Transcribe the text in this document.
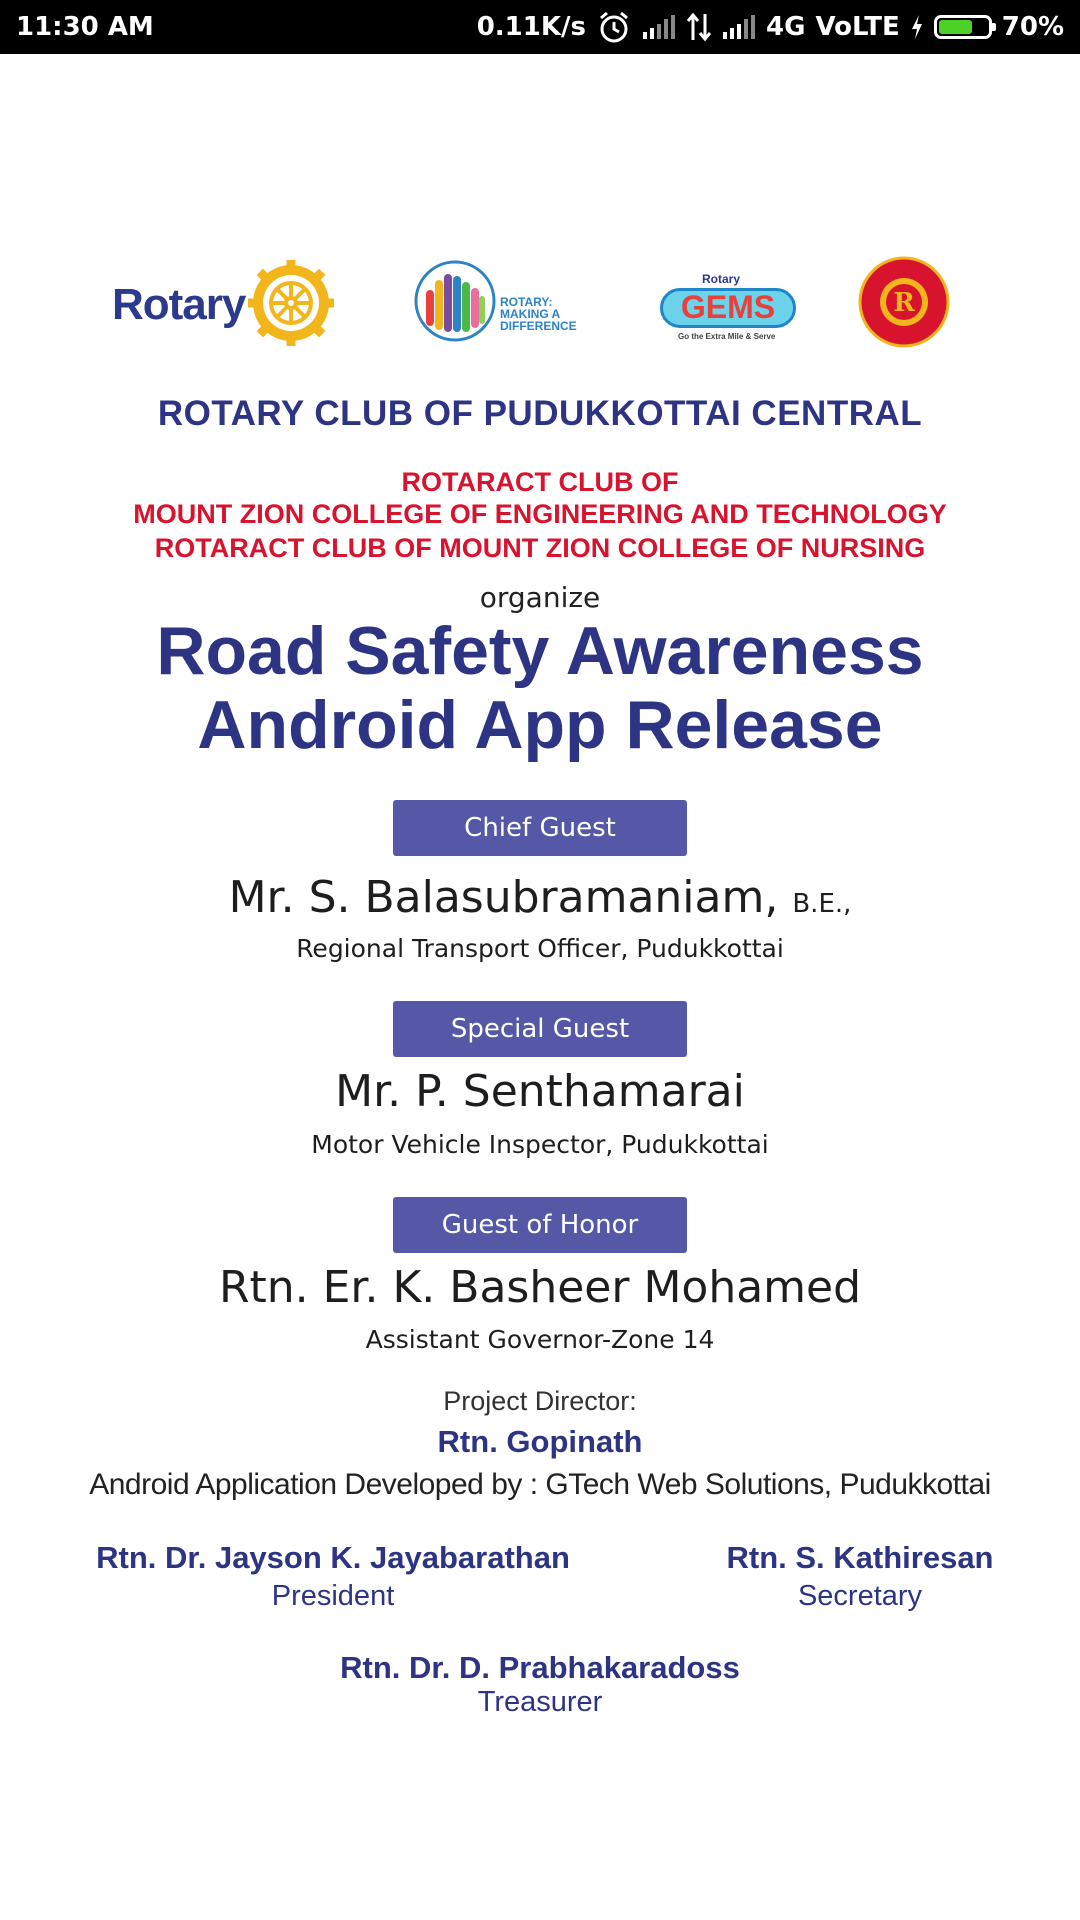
11:30 AM	0.11K/s	4G VoLTE	70%
Rotary	ROTARY:
MAKING A
DIFFERENCE
Rotary
GEMS
Go the Extra Mile & Serve
R
ROTARY CLUB OF PUDUKKOTTAI CENTRAL
ROTARACT CLUB OF
MOUNT ZION COLLEGE OF ENGINEERING AND TECHNOLOGY
ROTARACT CLUB OF MOUNT ZION COLLEGE OF NURSING
organize
Road Safety Awareness
Android App Release
Chief Guest
Mr. S. Balasubramaniam, B.E.,
Regional Transport Officer, Pudukkottai
Special Guest
Mr. P. Senthamarai
Motor Vehicle Inspector, Pudukkottai
Guest of Honor
Rtn. Er. K. Basheer Mohamed
Assistant Governor-Zone 14
Project Director:
Rtn. Gopinath
Android Application Developed by : GTech Web Solutions, Pudukkottai
Rtn. Dr. Jayson K. Jayabarathan
President
Rtn. S. Kathiresan
Secretary
Rtn. Dr. D. Prabhakaradoss
Treasurer
